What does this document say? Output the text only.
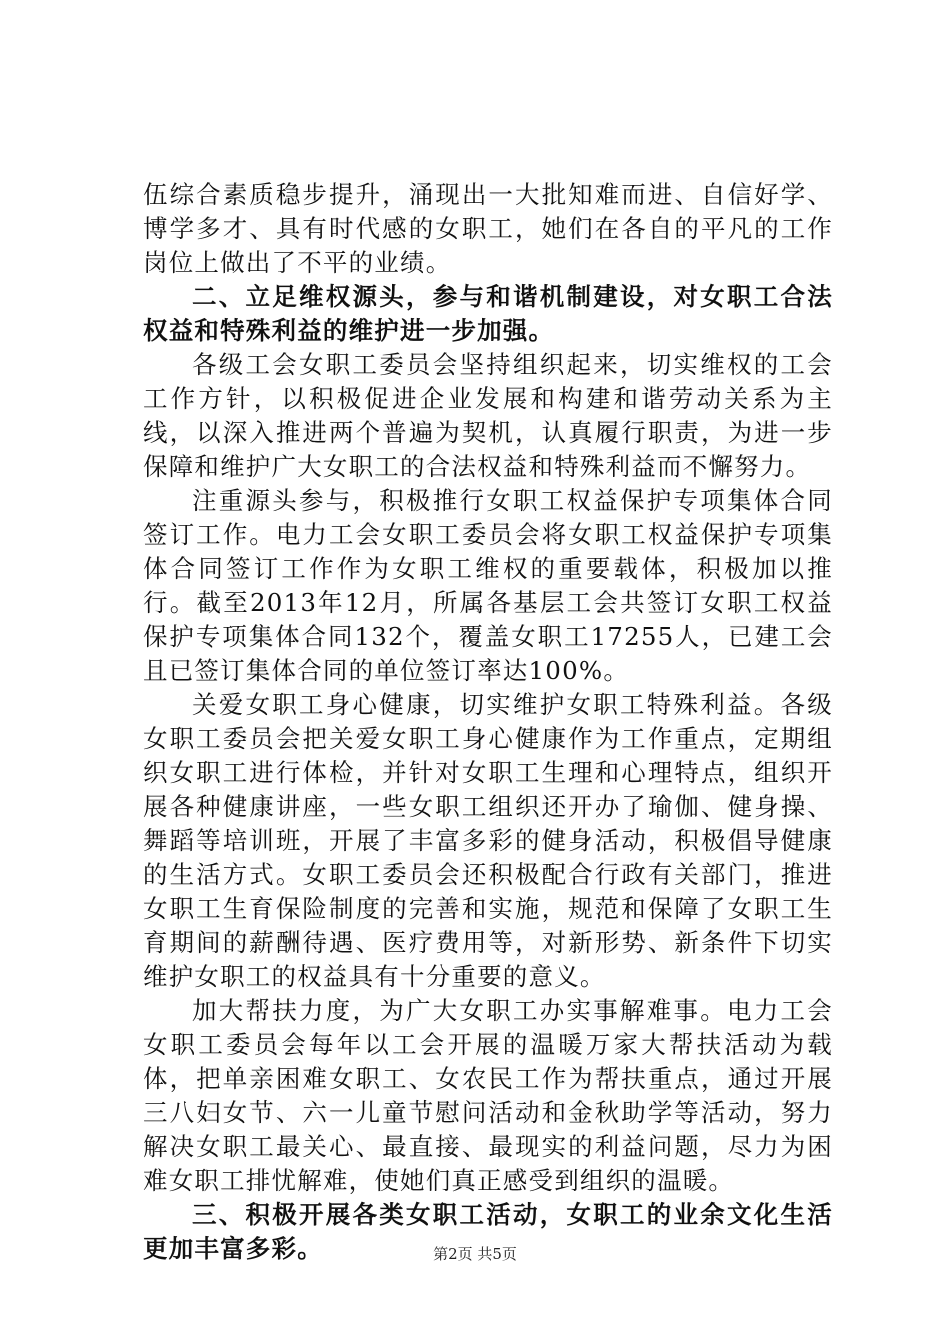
伍综合素质稳步提升，涌现出一大批知难而进、自信好学、博学多才、具有时代感的女职工，她们在各自的平凡的工作岗位上做出了不平的业绩。

二、立足维权源头，参与和谐机制建设，对女职工合法权益和特殊利益的维护进一步加强。

各级工会女职工委员会坚持组织起来，切实维权的工会工作方针，以积极促进企业发展和构建和谐劳动关系为主线，以深入推进两个普遍为契机，认真履行职责，为进一步保障和维护广大女职工的合法权益和特殊利益而不懈努力。

注重源头参与，积极推行女职工权益保护专项集体合同签订工作。电力工会女职工委员会将女职工权益保护专项集体合同签订工作作为女职工维权的重要载体，积极加以推行。截至2013年12月，所属各基层工会共签订女职工权益保护专项集体合同132个，覆盖女职工17255人，已建工会且已签订集体合同的单位签订率达100%。

关爱女职工身心健康，切实维护女职工特殊利益。各级女职工委员会把关爱女职工身心健康作为工作重点，定期组织女职工进行体检，并针对女职工生理和心理特点，组织开展各种健康讲座，一些女职工组织还开办了瑜伽、健身操、舞蹈等培训班，开展了丰富多彩的健身活动，积极倡导健康的生活方式。女职工委员会还积极配合行政有关部门，推进女职工生育保险制度的完善和实施，规范和保障了女职工生育期间的薪酬待遇、医疗费用等，对新形势、新条件下切实维护女职工的权益具有十分重要的意义。

加大帮扶力度，为广大女职工办实事解难事。电力工会女职工委员会每年以工会开展的温暖万家大帮扶活动为载体，把单亲困难女职工、女农民工作为帮扶重点，通过开展三八妇女节、六一儿童节慰问活动和金秋助学等活动，努力解决女职工最关心、最直接、最现实的利益问题，尽力为困难女职工排忧解难，使她们真正感受到组织的温暖。

三、积极开展各类女职工活动，女职工的业余文化生活更加丰富多彩。	第2页 共5页
